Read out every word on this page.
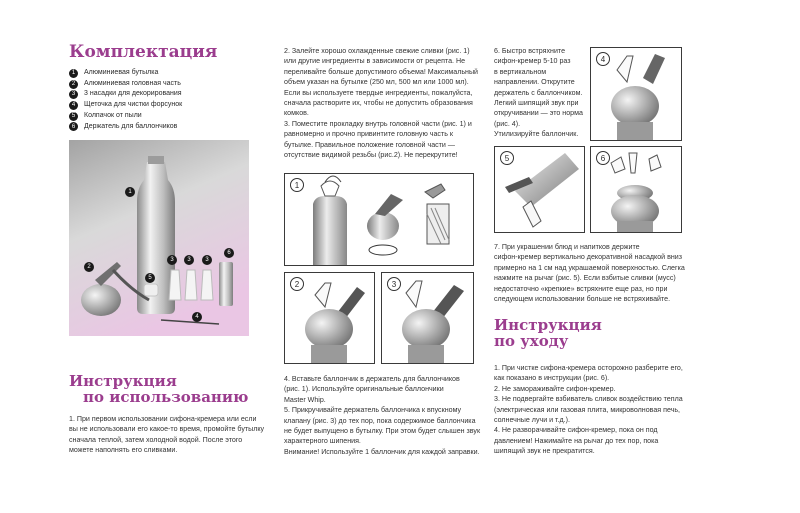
Комплектация
1	Алюминиевая бутылка
2	Алюминиевая головная часть
3	3 насадки для декорирования
4	Щеточка для чистки форсунок
5	Колпачок от пыли
6	Держатель для баллончиков
1
2
3	3	3
6
5
4
Инструкция
по использованию

1. При первом использовании сифона-кремера или если

вы не использовали его какое-то время, промойте бутылку

сначала теплой, затем холодной водой. После этого

можете наполнять его сливками.

2. Залейте хорошо охлажденные свежие сливки (рис. 1)

или другие ингредиенты в зависимости от рецепта. Не

переливайте больше допустимого объема! Максимальный

объем указан на бутылке (250 мл, 500 мл или 1000 мл).

Если вы используете твердые ингредиенты, пожалуйста,

сначала растворите их, чтобы не допустить образования

комков.

3. Поместите прокладку внутрь головной части (рис. 1) и

равномерно и прочно привинтите головную часть к

бутылке. Правильное положение головной части —

отсутствие видимой резьбы (рис.2). Не перекрутите!

1
2	3

4. Вставьте баллончик в держатель для баллончиков

(рис. 1). Используйте оригинальные баллончики

Master Whip.

5. Прикручивайте держатель баллончика к впускному

клапану (рис. 3) до тех пор, пока содержимое баллончика

не будет выпущено в бутылку. При этом будет слышен звук

характерного шипения.

Внимание! Используйте 1 баллончик для каждой заправки.

6. Быстро встряхните

сифон-кремер 5-10 раз

в вертикальном

направлении. Открутите

держатель с баллончиком.

Легкий шипящий звук при

откручивании — это норма

(рис. 4).

Утилизируйте баллончик.

4
5	6

7. При украшении блюд и напитков держите

сифон-кремер вертикально декоративной насадкой вниз

примерно на 1 см над украшаемой поверхностью. Слегка

нажмите на рычаг (рис. 5). Если взбитые сливки (мусс)

недостаточно «крепкие» встряхните еще раз, но при

следующем использовании больше не встряхивайте.

Инструкция
по уходу

1. При чистке сифона-кремера осторожно разберите его,

как показано в инструкции (рис. 6).

2. Не замораживайте сифон-кремер.

3. Не подвергайте взбиватель сливок воздействию тепла

(электрическая или газовая плита, микроволновая печь,

солнечные лучи и т.д.).

4. Не разворачивайте сифон-кремер, пока он под

давлением! Нажимайте на рычаг до тех пор, пока

шипящий звук не прекратится.
